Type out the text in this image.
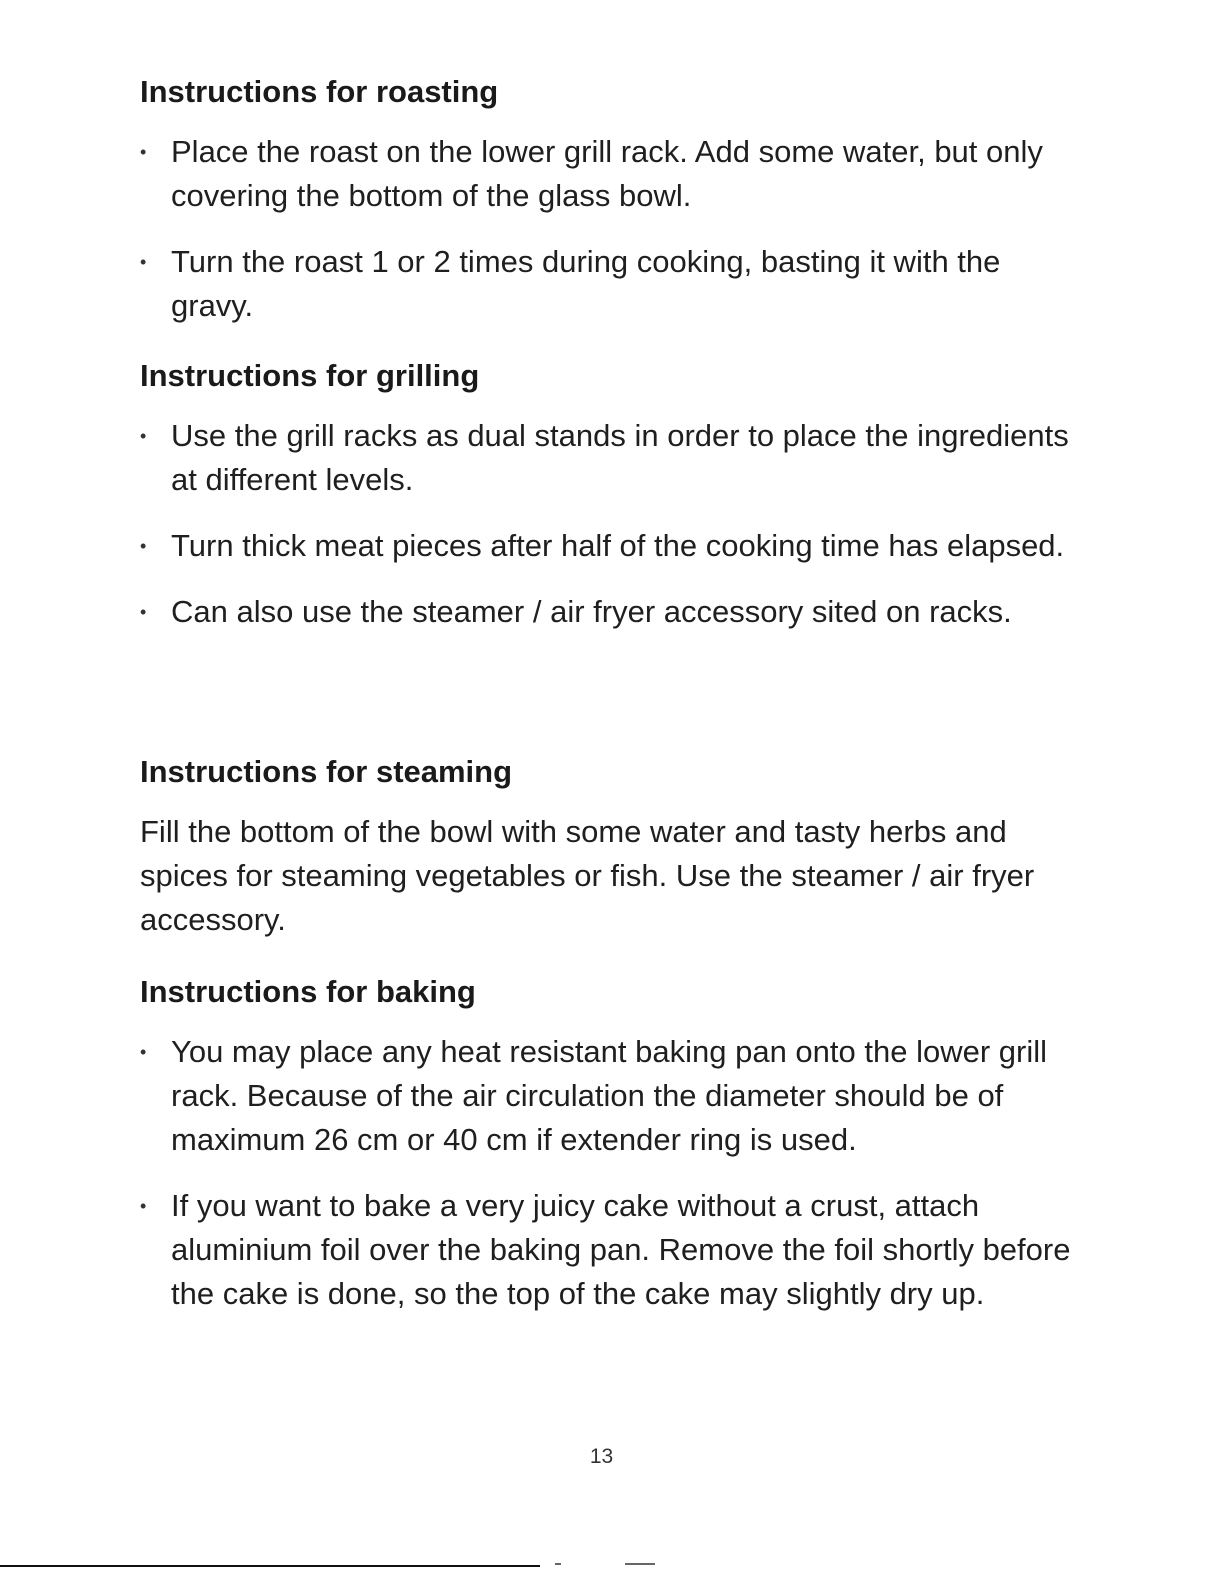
Instructions for roasting
• Place the roast on the lower grill rack. Add some water, but only covering the bottom of the glass bowl.
• Turn the roast 1 or 2 times during cooking, basting it with the gravy.
Instructions for grilling
• Use the grill racks as dual stands in order to place the ingredients at different levels.
• Turn thick meat pieces after half of the cooking time has elapsed.
• Can also use the steamer / air fryer accessory sited on racks.
Instructions for steaming

Fill the bottom of the bowl with some water and tasty herbs and spices for steaming vegetables or fish. Use the steamer / air fryer accessory.

Instructions for baking
• You may place any heat resistant baking pan onto the lower grill rack. Because of the air circulation the diameter should be of maximum 26 cm or 40 cm if extender ring is used.
• If you want to bake a very juicy cake without a crust, attach aluminium foil over the baking pan. Remove the foil shortly before the cake is done, so the top of the cake may slightly dry up.
13
